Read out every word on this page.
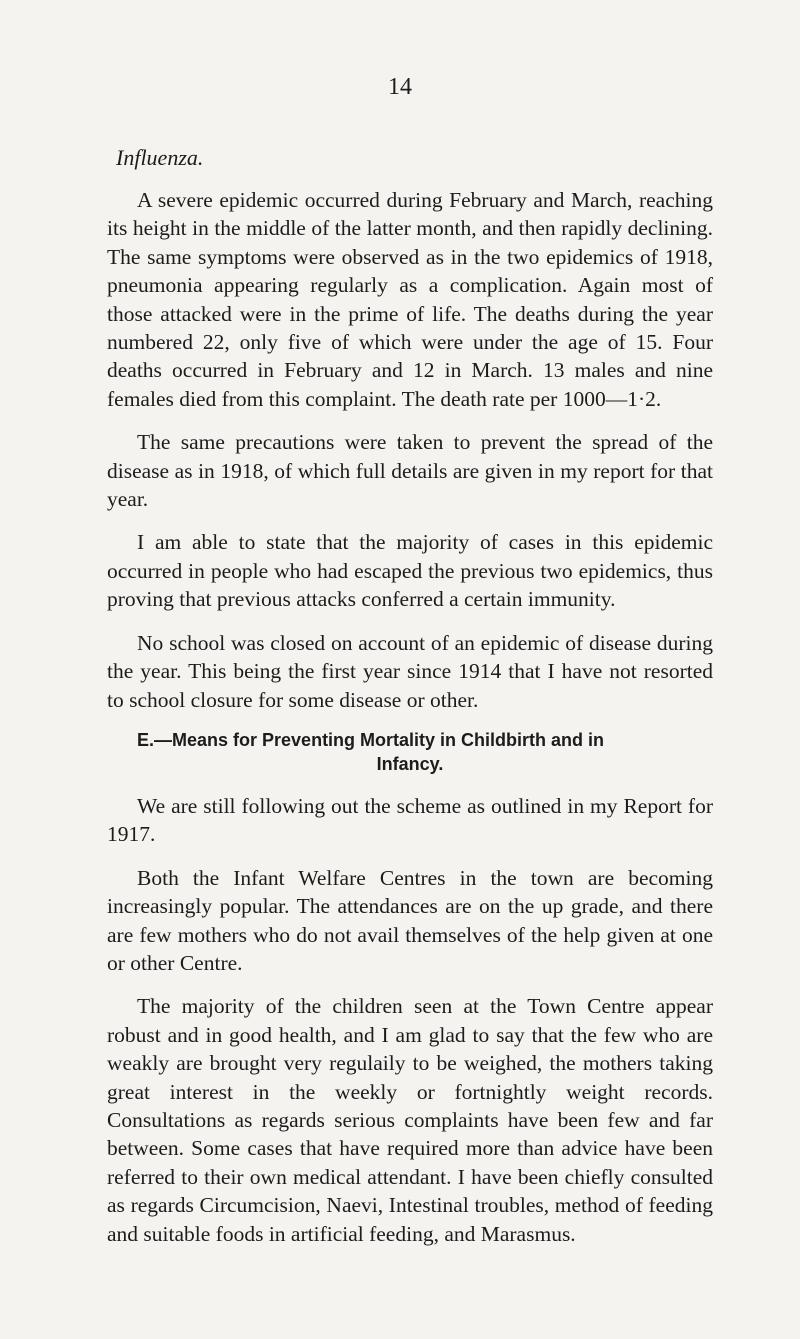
14
Influenza.

A severe epidemic occurred during February and March, reaching its height in the middle of the latter month, and then rapidly declining. The same symptoms were observed as in the two epidemics of 1918, pneumonia appearing regularly as a complication. Again most of those attacked were in the prime of life. The deaths during the year numbered 22, only five of which were under the age of 15. Four deaths occurred in February and 12 in March. 13 males and nine females died from this complaint. The death rate per 1000—1·2.

The same precautions were taken to prevent the spread of the disease as in 1918, of which full details are given in my report for that year.

I am able to state that the majority of cases in this epidemic occurred in people who had escaped the previous two epidemics, thus proving that previous attacks conferred a certain immunity.

No school was closed on account of an epidemic of disease during the year. This being the first year since 1914 that I have not resorted to school closure for some disease or other.

E.—Means for Preventing Mortality in Childbirth and in
Infancy.

We are still following out the scheme as outlined in my Report for 1917.

Both the Infant Welfare Centres in the town are becoming increasingly popular. The attendances are on the up grade, and there are few mothers who do not avail themselves of the help given at one or other Centre.

The majority of the children seen at the Town Centre appear robust and in good health, and I am glad to say that the few who are weakly are brought very regulaily to be weighed, the mothers taking great interest in the weekly or fortnightly weight records. Consultations as regards serious complaints have been few and far between. Some cases that have required more than advice have been referred to their own medical attendant. I have been chiefly consulted as regards Circumcision, Naevi, Intestinal troubles, method of feeding and suitable foods in artificial feeding, and Marasmus.
